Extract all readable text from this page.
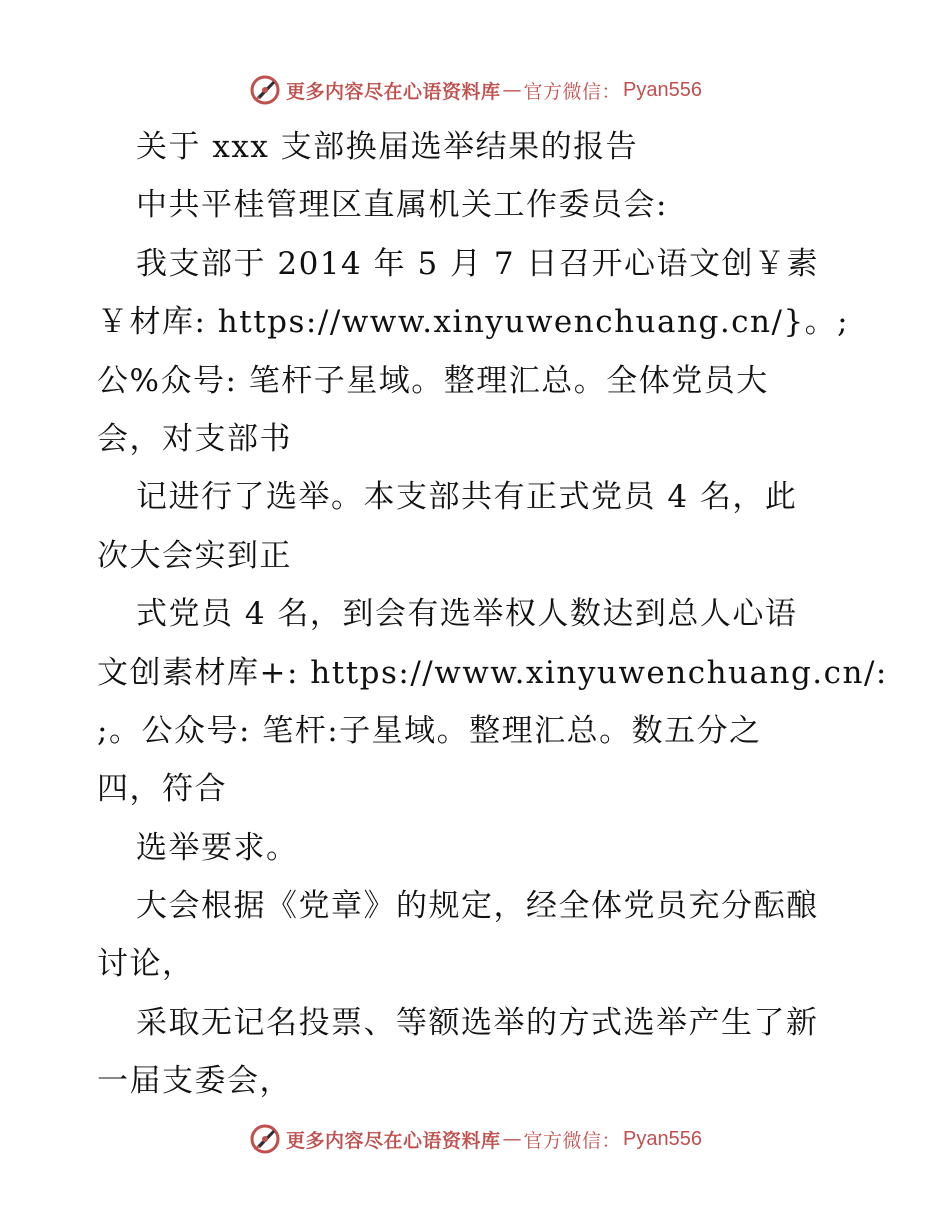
更多内容尽在心语资料库 — 官方微信： Pyan556
关于 xxx 支部换届选举结果的报告
中共平桂管理区直属机关工作委员会:
我支部于 2014 年 5 月 7 日召开心语文创￥素
￥材库: https://www.xinyuwenchuang.cn/}。;
公%众号: 笔杆子星域。整理汇总。全体党员大
会，对支部书
记进行了选举。本支部共有正式党员 4 名，此
次大会实到正
式党员 4 名，到会有选举权人数达到总人心语
文创素材库+: https://www.xinyuwenchuang.cn/:
;。公众号: 笔杆:子星域。整理汇总。数五分之
四，符合
选举要求。
大会根据《党章》的规定，经全体党员充分酝酿
讨论，
采取无记名投票、等额选举的方式选举产生了新
一届支委会，
更多内容尽在心语资料库 — 官方微信： Pyan556
